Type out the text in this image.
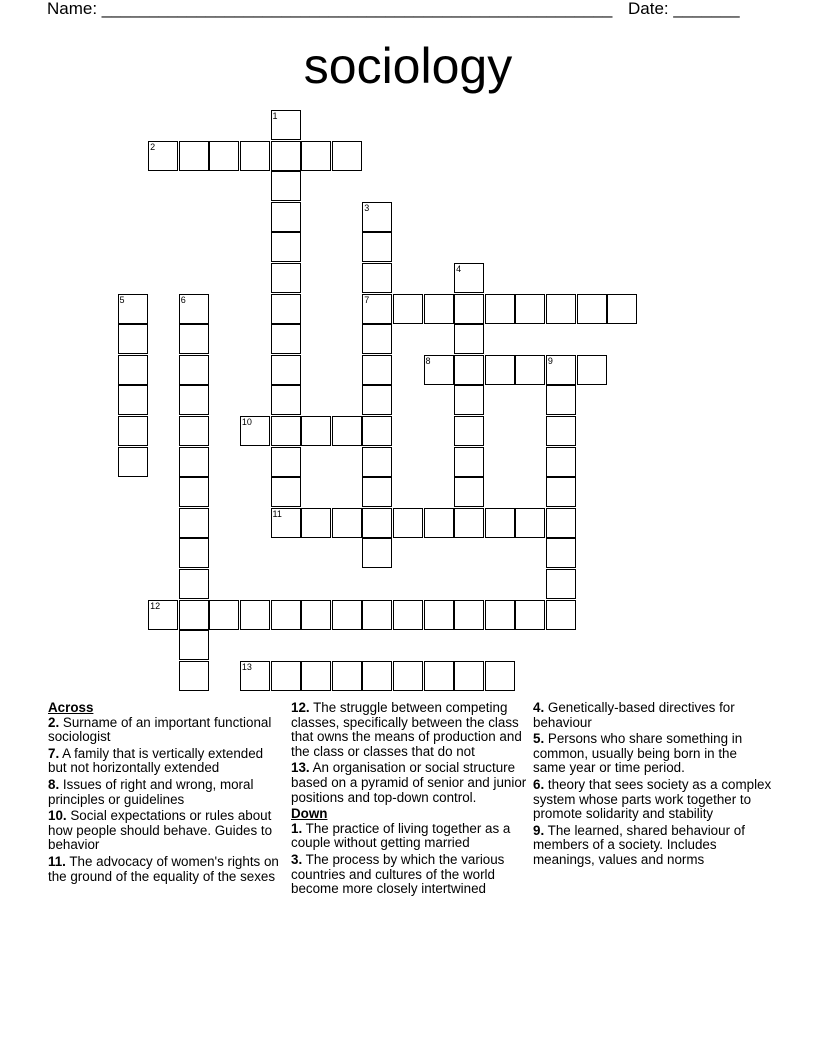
Name: ______________________________________________________ Date: _______
sociology
2
7
8	9
10
11
12
13
1
3
4
5	6
Across
2. Surname of an important functional sociologist
7. A family that is vertically extended but not horizontally extended
8. Issues of right and wrong, moral principles or guidelines
10. Social expectations or rules about how people should behave. Guides to behavior
11. The advocacy of women's rights on the ground of the equality of the sexes
12. The struggle between competing classes, specifically between the class that owns the means of production and the class or classes that do not
13. An organisation or social structure based on a pyramid of senior and junior positions and top-down control.
Down
1. The practice of living together as a couple without getting married
3. The process by which the various countries and cultures of the world become more closely intertwined
4. Genetically-based directives for behaviour
5. Persons who share something in common, usually being born in the same year or time period.
6. theory that sees society as a complex system whose parts work together to promote solidarity and stability
9. The learned, shared behaviour of members of a society. Includes meanings, values and norms
